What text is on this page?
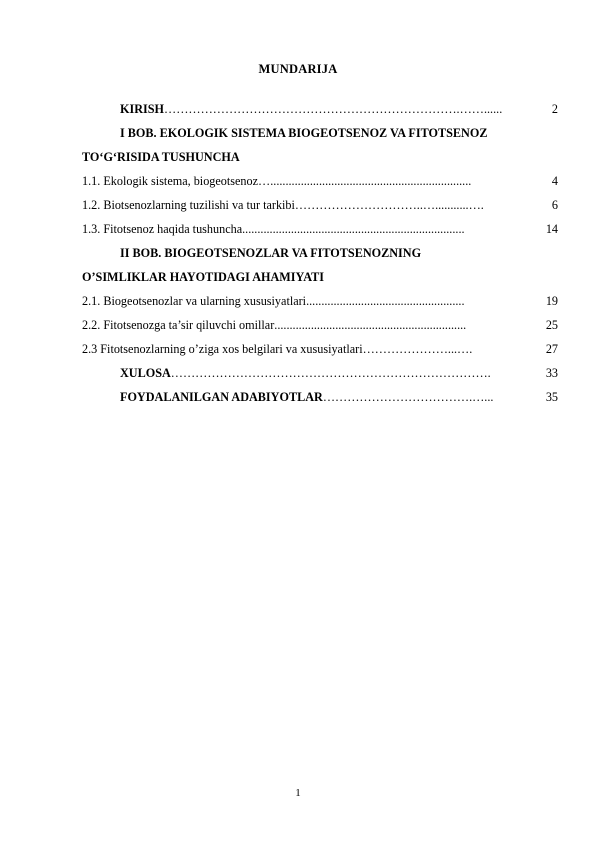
MUNDARIJA
KIRISH ……………………………………………………………….……......	2
I BOB. EKOLOGIK SISTEMA BIOGEOTSENOZ VA FITOTSENOZ
TO‘G‘RISIDA TUSHUNCHA
1.1. Ekologik sistema, biogeotsenoz …..................................................................	4
1.2. Biotsenozlarning tuzilishi va tur tarkibi …………………………..…...........….	6
1.3. Fitotsenoz haqida tushuncha .........................................................................	14
II BOB. BIOGEOTSENOZLAR VA FITOTSENOZNING
O’SIMLIKLAR HAYOTIDAGI AHAMIYATI
2.1. Biogeotsenozlar va ularning xususiyatlari ....................................................	19
2.2. Fitotsenozga ta’sir qiluvchi omillar ...............................................................	25
2.3 Fitotsenozlarning o’ziga xos belgilari va xususiyatlari …………………...….	27
XULOSA …………………………………………………………………….	33
FOYDALANILGAN ADABIYOTLAR ……………………………….…...	35
1
